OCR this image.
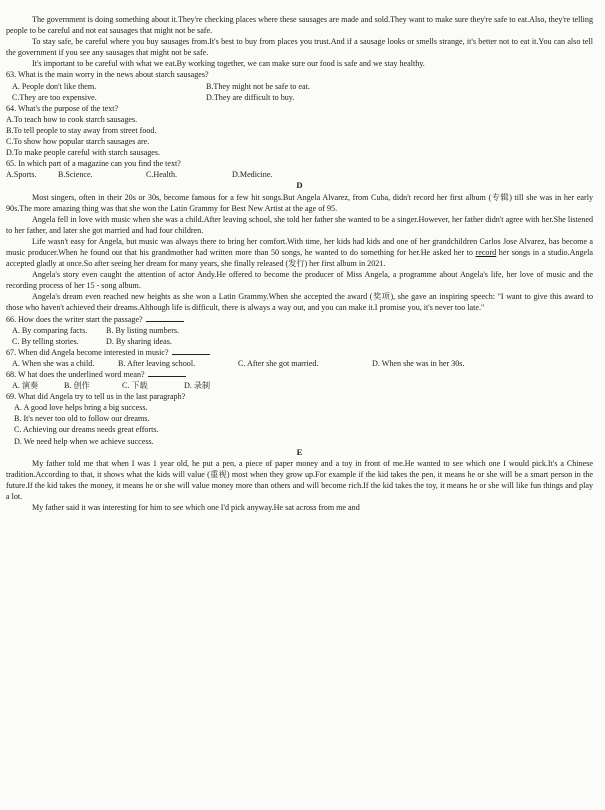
The government is doing something about it.They're checking places where these sausages are made and sold.They want to make sure they're safe to eat.Also, they're telling people to be careful and not eat sausages that might not be safe.

To stay safe, be careful where you buy sausages from.It's best to buy from places you trust.And if a sausage looks or smells strange, it's better not to eat it.You can also tell the government if you see any sausages that might not be safe.

It's important to be careful with what we eat.By working together, we can make sure our food is safe and we stay healthy.

63. What is the main worry in the news about starch sausages?

A. People don't like them.	B.They might not be safe to eat.
C.They are too expensive.	D.They are difficult to buy.

64. What's the purpose of the text?

A.To teach how to cook starch sausages.
B.To tell people to stay away from street food.
C.To show how popular starch sausages are.
D.To make people careful with starch sausages.

65. In which part of a magazine can you find the text?

A.Sports.	B.Science.	C.Health.	D.Medicine.

D

Most singers, often in their 20s or 30s, become famous for a few hit songs.But Angela Alvarez, from Cuba, didn't record her first album (专辑) till she was in her early 90s.The more amazing thing was that she won the Latin Grammy for Best New Artist at the age of 95.

Angela fell in love with music when she was a child.After leaving school, she told her father she wanted to be a singer.However, her father didn't agree with her.She listened to her father, and later she got married and had four children.

Life wasn't easy for Angela, but music was always there to bring her comfort.With time, her kids had kids and one of her grandchildren Carlos Jose Alvarez, has become a music producer.When he found out that his grandmother had written more than 50 songs, he wanted to do something for her.He asked her to record her songs in a studio.Angela accepted gladly at once.So after seeing her dream for many years, she finally released (发行) her first album in 2021.

Angela's story even caught the attention of actor Andy.He offered to become the producer of Miss Angela, a programme about Angela's life, her love of music and the recording process of her 15 - song album.

Angela's dream even reached new heights as she won a Latin Grammy.When she accepted the award (奖项), she gave an inspiring speech: "I want to give this award to those who haven't achieved their dreams.Although life is difficult, there is always a way out, and you can make it.I promise you, it's never too late."

66. How does the writer start the passage?

A. By comparing facts.	B. By listing numbers.
C. By telling stories.	D. By sharing ideas.

67. When did Angela become interested in music?

A. When she was a child.	B. After leaving school.	C. After she got married.	D. When she was in her 30s.

68. W hat does the underlined word mean?

A. 演奏	B. 创作	C. 下载	D. 录制

69. What did Angela try to tell us in the last paragraph?

A. A good love helps bring a big success.
B. It's never too old to follow our dreams.
C. Achieving our dreams needs great efforts.
D. We need help when we achieve success.

E

My father told me that when I was 1 year old, he put a pen, a piece of paper money and a toy in front of me.He wanted to see which one I would pick.It's a Chinese tradition.According to that, it shows what the kids will value (重视) most when they grow up.For example if the kid takes the pen, it means he or she will be a smart person in the future.If the kid takes the money, it means he or she will value money more than others and will become rich.If the kid takes the toy, it means he or she will like fun things and play a lot.

My father said it was interesting for him to see which one I'd pick anyway.He sat across from me and
